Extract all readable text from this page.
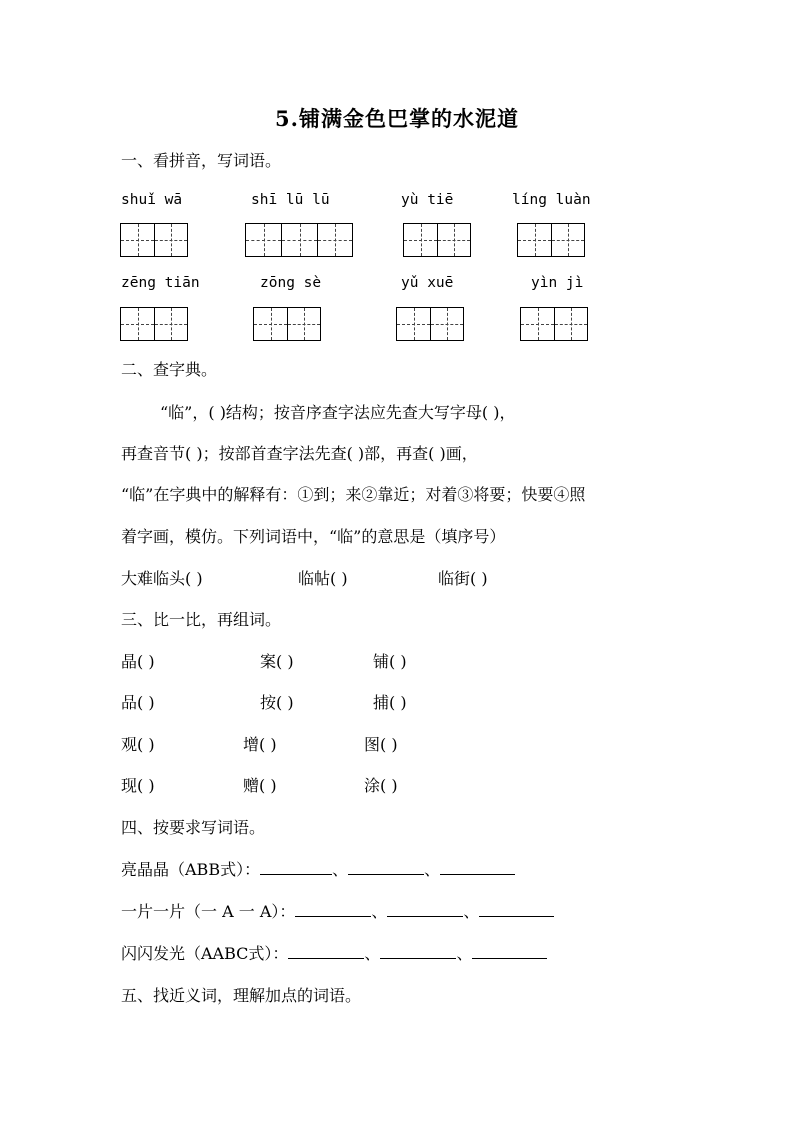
5.铺满金色巴掌的水泥道
一、看拼音，写词语。
shuǐ wā	shī lū lū	yù tiē	líng luàn
zēng tiān	zōng sè	yǔ xuē	yìn jì
二、查字典。
“临”，( )结构；按音序查字法应先查大写字母( )，
再查音节( )；按部首查字法先查( )部，再查( )画，
“临”在字典中的解释有：①到；来②靠近；对着③将要；快要④照
着字画，模仿。下列词语中，“临”的意思是（填序号）
大难临头( )	临帖( )	临街( )
三、比一比，再组词。
晶( )	案( )	铺( )
品( )	按( )	捕( )
观( )	增( )	图( )
现( )	赠( )	涂( )
四、按要求写词语。
亮晶晶（ABB式）：	、	、
一片一片（一 A 一 A）：	、	、
闪闪发光（AABC式）：	、	、
五、找近义词，理解加点的词语。
